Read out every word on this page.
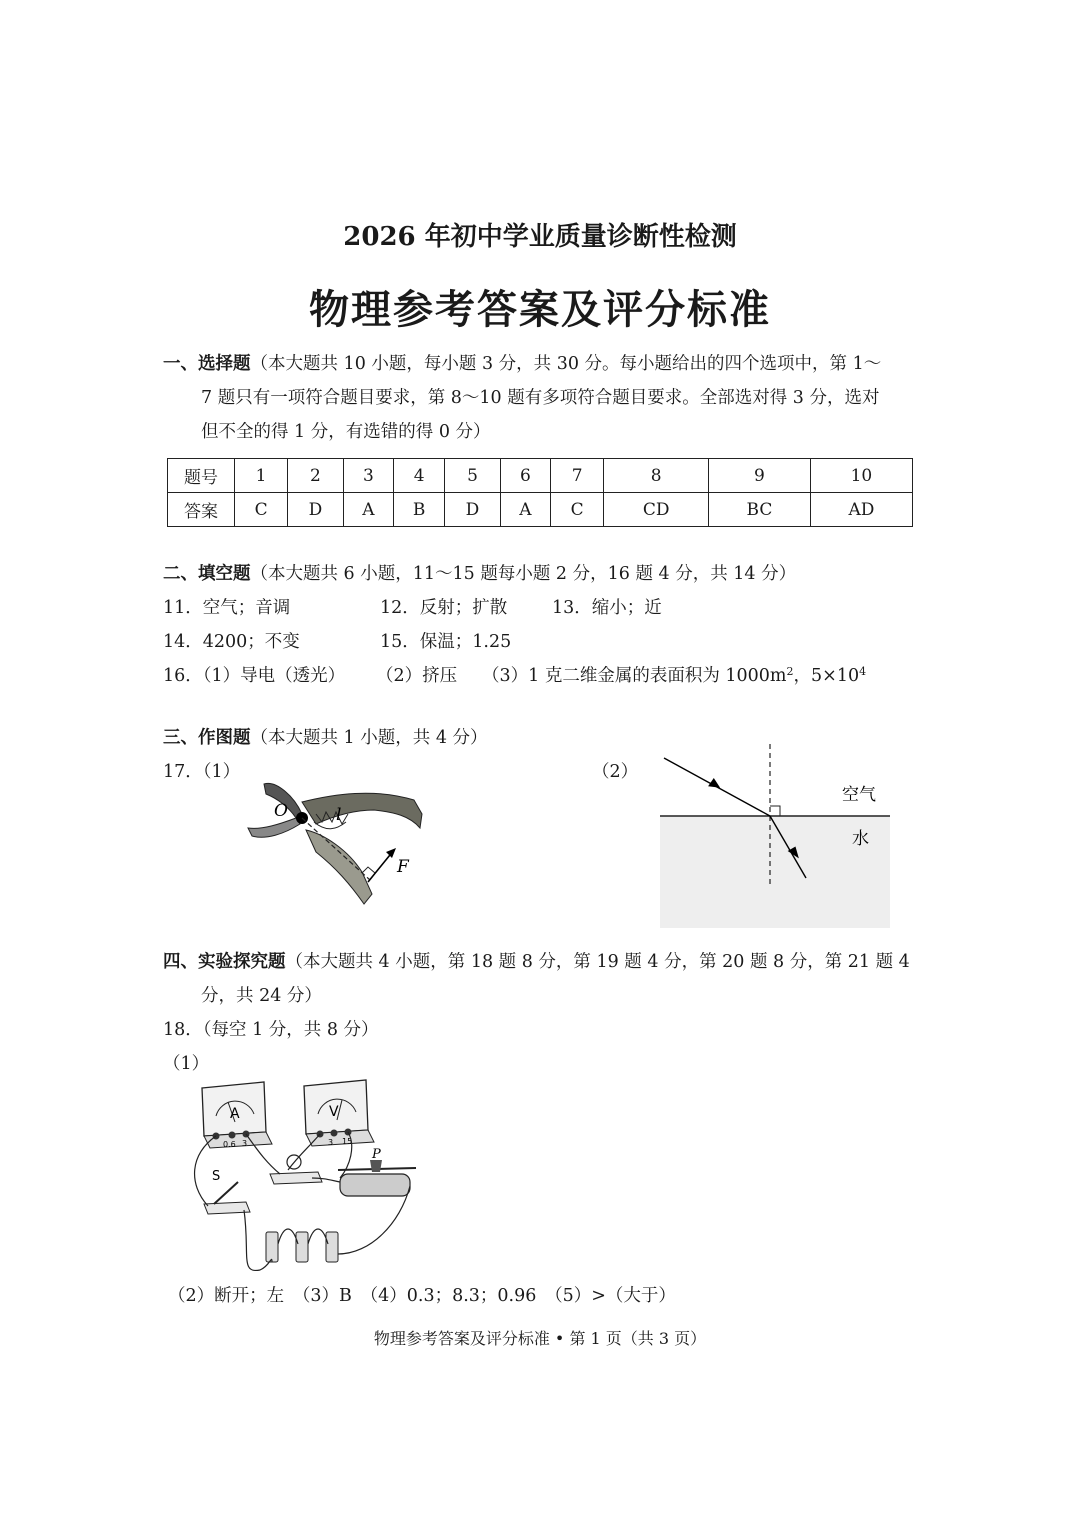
2026 年初中学业质量诊断性检测
物理参考答案及评分标准
一、选择题（本大题共 10 小题，每小题 3 分，共 30 分。每小题给出的四个选项中，第 1～
7 题只有一项符合题目要求，第 8～10 题有多项符合题目要求。全部选对得 3 分，选对
但不全的得 1 分，有选错的得 0 分）
题号	1	2	3	4	5	6	7	8	9	10
答案	C	D	A	B	D	A	C	CD	BC	AD
二、填空题（本大题共 6 小题，11～15 题每小题 2 分，16 题 4 分，共 14 分）
11．空气；音调	12．反射；扩散	13．缩小；近
14．4200；不变	15．保温；1.25
16．（1）导电（透光） （2）挤压 （3）1 克二维金属的表面积为 $1000m^2$，$5\times 10^4$
三、作图题（本大题共 1 小题，共 4 分）
17．（1）	（2）
O	l
F
空气
水
四、实验探究题（本大题共 4 小题，第 18 题 8 分，第 19 题 4 分，第 20 题 8 分，第 21 题 4
分，共 24 分）
18．（每空 1 分，共 8 分）
（1）
A
0.6 3
V
3 15
P
S
（2）断开；左　（3）B　（4）0.3；8.3；0.96　（5）>（大于）
物理参考答案及评分标准 • 第 1 页（共 3 页）
